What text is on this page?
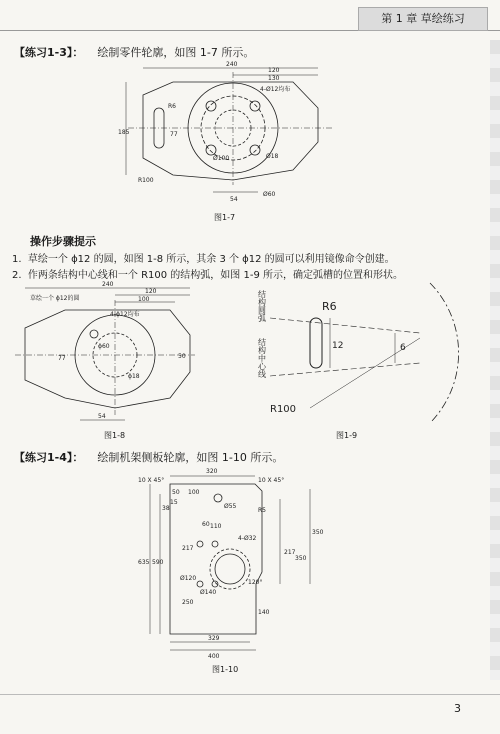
第 1 章 草绘练习
【练习1-3】： 绘制零件轮廓，如图 1-7 所示。
240
120
130
4-Ø12均布
R6
185	77
Ø100	Ø18
R100
54
Ø60
图1-7
操作步骤提示
1. 草绘一个 ϕ12 的圆，如图 1-8 所示，其余 3 个 ϕ12 的圆可以利用镜像命令创建。
2. 作两条结构中心线和一个 R100 的结构弧，如图 1-9 所示，确定弧槽的位置和形状。
240
120
100
草绘一个 ϕ12的圆
4-ϕ12均布
ϕ60
ϕ18
54
50
77
图1-8
结构圆弧
结构中心线
R6
12	6
R100
图1-9
【练习1-4】： 绘制机架侧板轮廓，如图 1-10 所示。
320
10 X 45°	10 X 45°
50 100
38	Ø55
R5
60 110
217
4-Ø32
217
350
350
590
635
Ø120
Ø140
120°
250
140
329
400
15
图1-10
3
